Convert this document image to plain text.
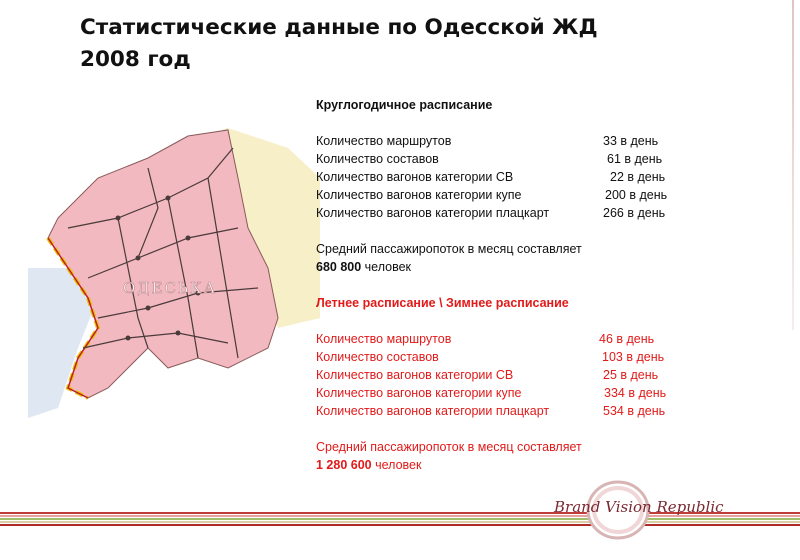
Статистические данные по Одесской ЖД
2008 год
ОДЕСЬКА
Круглогодичное расписание
Количество маршрутов	33 в день
Количество составов	61 в день
Количество вагонов категории СВ	22 в день
Количество вагонов категории купе	200 в день
Количество вагонов категории плацкарт	266 в день
Средний пассажиропоток в месяц составляет
680 800 человек
Летнее расписание \ Зимнее расписание
Количество маршрутов	46 в день
Количество составов	103 в день
Количество вагонов категории СВ	25 в день
Количество вагонов категории купе	334 в день
Количество вагонов категории плацкарт	534 в день
Средний пассажиропоток в месяц составляет
1 280 600 человек
Brand Vision Republic
